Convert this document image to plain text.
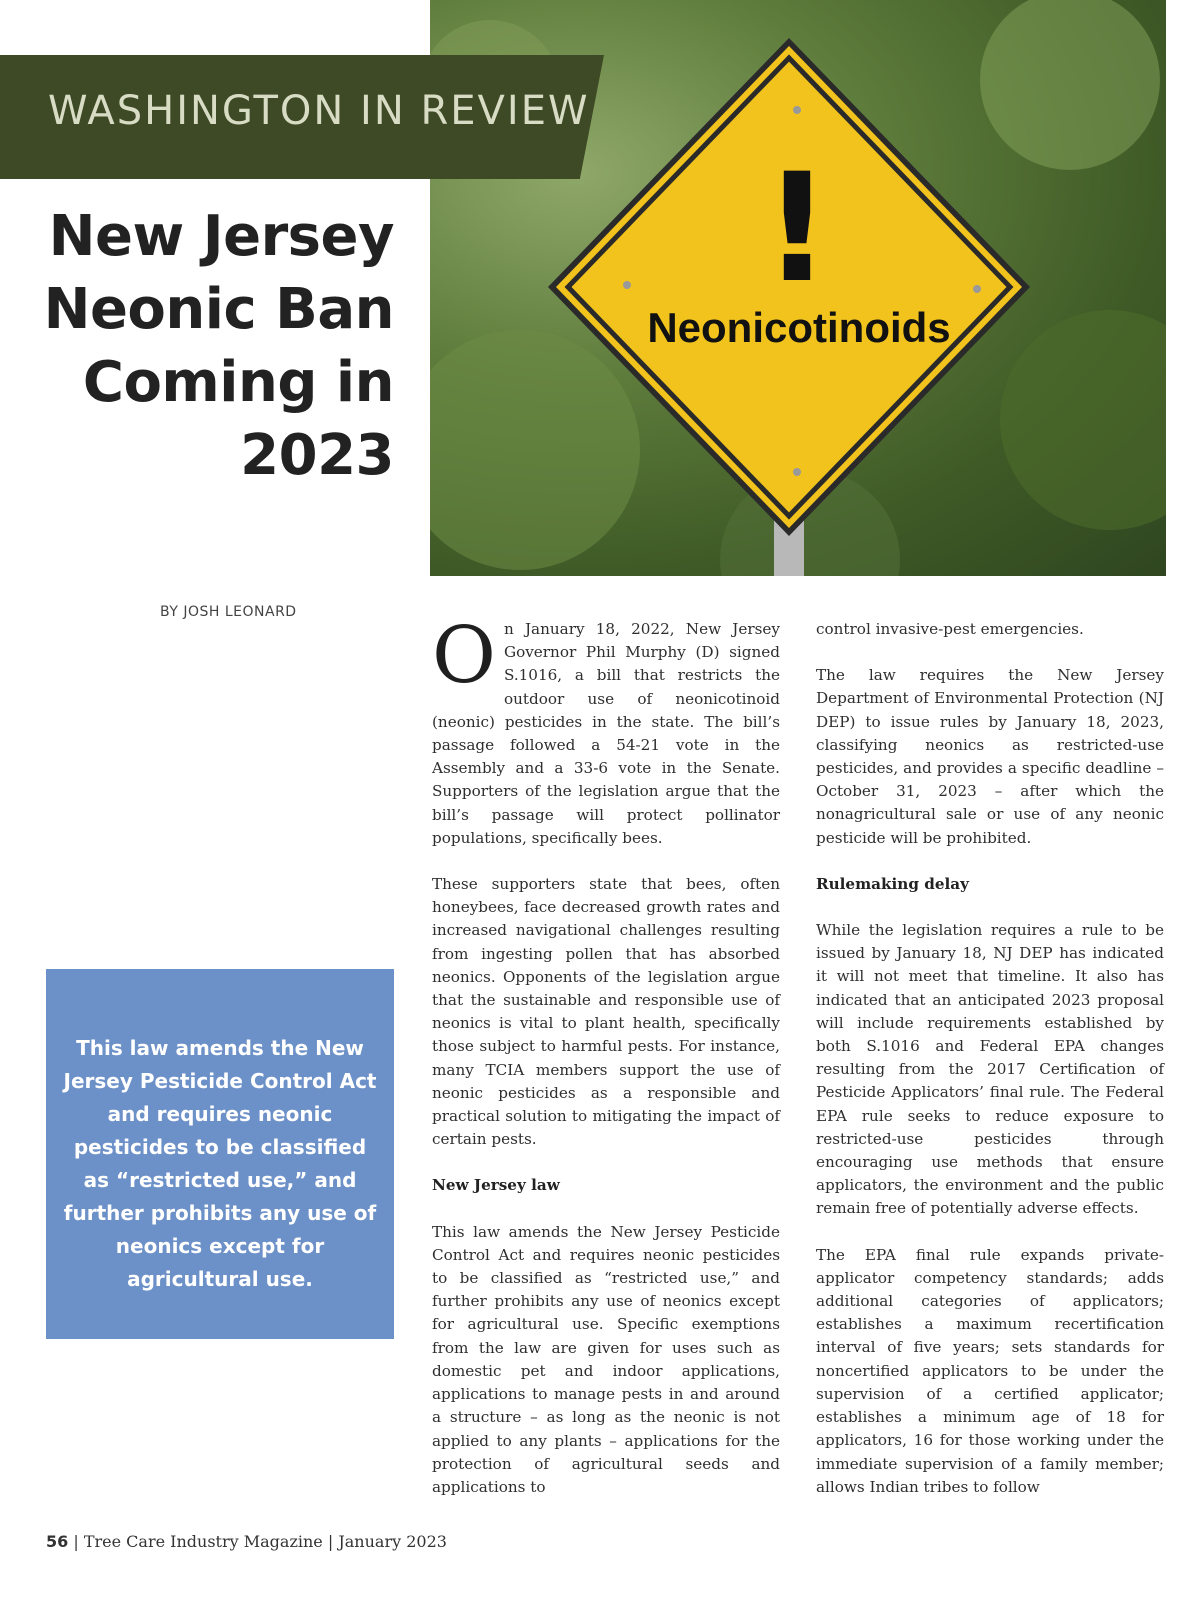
!
Neonicotinoids
WASHINGTON IN REVIEW
New Jersey
Neonic Ban
Coming in
2023
BY JOSH LEONARD
This law amends the New Jersey Pesticide Control Act and requires neonic pesticides to be classified as “restricted use,” and further prohibits any use of neonics except for agricultural use.

On January 18, 2022, New Jersey Governor Phil Murphy (D) signed S.1016, a bill that restricts the outdoor use of neonicotinoid (neonic) pesticides in the state. The bill’s passage followed a 54-21 vote in the Assembly and a 33-6 vote in the Senate. Supporters of the legislation argue that the bill’s passage will protect pollinator populations, specifically bees.

These supporters state that bees, often honeybees, face decreased growth rates and increased navigational challenges resulting from ingesting pollen that has absorbed neonics. Opponents of the legislation argue that the sustainable and responsible use of neonics is vital to plant health, specifically those subject to harmful pests. For instance, many TCIA members support the use of neonic pesticides as a responsible and practical solution to mitigating the impact of certain pests.

New Jersey law

This law amends the New Jersey Pesticide Control Act and requires neonic pesticides to be classified as “restricted use,” and further prohibits any use of neonics except for agricultural use. Specific exemptions from the law are given for uses such as domestic pet and indoor applications, applications to manage pests in and around a structure – as long as the neonic is not applied to any plants – applications for the protection of agricultural seeds and applications to

control invasive-pest emergencies.

The law requires the New Jersey Department of Environmental Protection (NJ DEP) to issue rules by January 18, 2023, classifying neonics as restricted-use pesticides, and provides a specific deadline – October 31, 2023 – after which the nonagricultural sale or use of any neonic pesticide will be prohibited.

Rulemaking delay

While the legislation requires a rule to be issued by January 18, NJ DEP has indicated it will not meet that timeline. It also has indicated that an anticipated 2023 proposal will include requirements established by both S.1016 and Federal EPA changes resulting from the 2017 Certification of Pesticide Applicators’ final rule. The Federal EPA rule seeks to reduce exposure to restricted-use pesticides through encouraging use methods that ensure applicators, the environment and the public remain free of potentially adverse effects.

The EPA final rule expands private-applicator competency standards; adds additional categories of applicators; establishes a maximum recertification interval of five years; sets standards for noncertified applicators to be under the supervision of a certified applicator; establishes a minimum age of 18 for applicators, 16 for those working under the immediate supervision of a family member; allows Indian tribes to follow

56 | Tree Care Industry Magazine | January 2023
